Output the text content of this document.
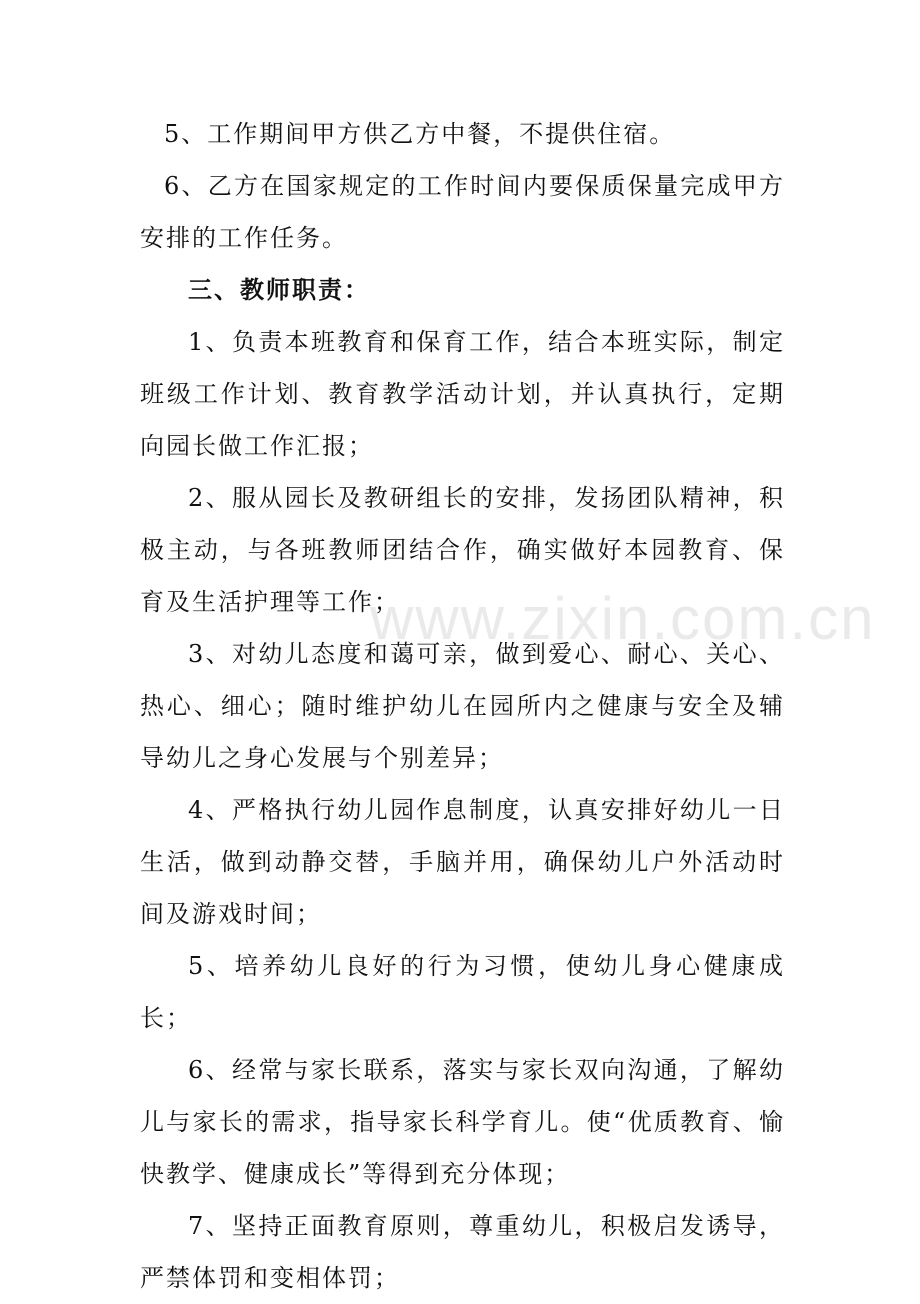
5、工作期间甲方供乙方中餐，不提供住宿。

6、乙方在国家规定的工作时间内要保质保量完成甲方安排的工作任务。

三、教师职责：

1、负责本班教育和保育工作，结合本班实际，制定班级工作计划、教育教学活动计划，并认真执行，定期向园长做工作汇报；

2、服从园长及教研组长的安排，发扬团队精神，积极主动，与各班教师团结合作，确实做好本园教育、保育及生活护理等工作；

3、对幼儿态度和蔼可亲，做到爱心、耐心、关心、热心、细心；随时维护幼儿在园所内之健康与安全及辅导幼儿之身心发展与个别差异；

4、严格执行幼儿园作息制度，认真安排好幼儿一日生活，做到动静交替，手脑并用，确保幼儿户外活动时间及游戏时间；

5、培养幼儿良好的行为习惯，使幼儿身心健康成长；

6、经常与家长联系，落实与家长双向沟通，了解幼儿与家长的需求，指导家长科学育儿。使“优质教育、愉快教学、健康成长”等得到充分体现；

7、坚持正面教育原则，尊重幼儿，积极启发诱导，严禁体罚和变相体罚；

www.zixin.com.cn
